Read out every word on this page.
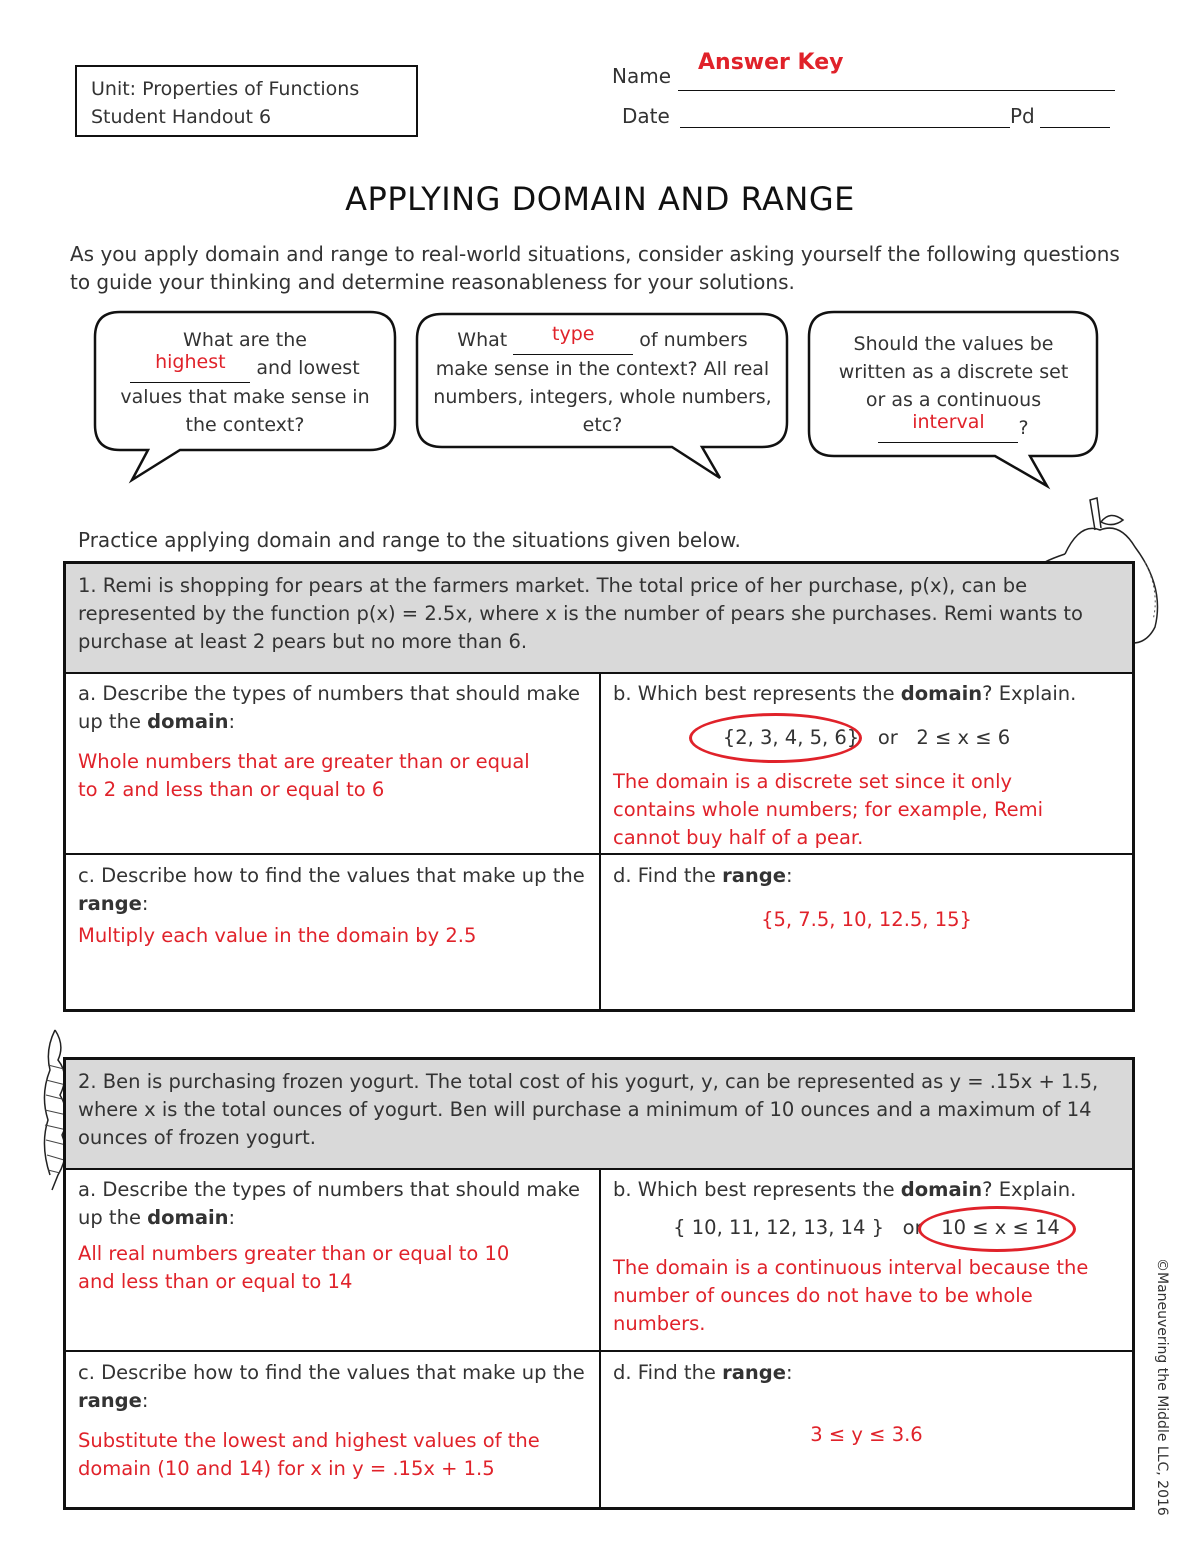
Unit: Properties of Functions
Student Handout 6
Name
Answer Key
Date	Pd
APPLYING DOMAIN AND RANGE
As you apply domain and range to real-world situations, consider asking yourself the following questions to guide your thinking and determine reasonableness for your solutions.
What are the
highest and lowest values that make sense in the context?
What type of numbers make sense in the context? All real numbers, integers, whole numbers, etc?
Should the values be written as a discrete set or as a continuous
interval ?
Practice applying domain and range to the situations given below.
1. Remi is shopping for pears at the farmers market. The total price of her purchase, p(x), can be represented by the function p(x) = 2.5x, where x is the number of pears she purchases. Remi wants to purchase at least 2 pears but no more than 6.
a. Describe the types of numbers that should make up the domain:
Whole numbers that are greater than or equal to 2 and less than or equal to 6
b. Which best represents the domain? Explain.
{2, 3, 4, 5, 6} or 2 ≤ x ≤ 6
The domain is a discrete set since it only contains whole numbers; for example, Remi cannot buy half of a pear.
c. Describe how to find the values that make up the range:
Multiply each value in the domain by 2.5
d. Find the range:
{5, 7.5, 10, 12.5, 15}
2. Ben is purchasing frozen yogurt. The total cost of his yogurt, y, can be represented as y = .15x + 1.5, where x is the total ounces of yogurt. Ben will purchase a minimum of 10 ounces and a maximum of 14 ounces of frozen yogurt.
a. Describe the types of numbers that should make up the domain:
All real numbers greater than or equal to 10 and less than or equal to 14
b. Which best represents the domain? Explain.
{ 10, 11, 12, 13, 14 } or 10 ≤ x ≤ 14
The domain is a continuous interval because the number of ounces do not have to be whole numbers.
c. Describe how to find the values that make up the range:
Substitute the lowest and highest values of the domain (10 and 14) for x in y = .15x + 1.5
d. Find the range:
3 ≤ y ≤ 3.6	©Maneuvering the Middle LLC, 2016
